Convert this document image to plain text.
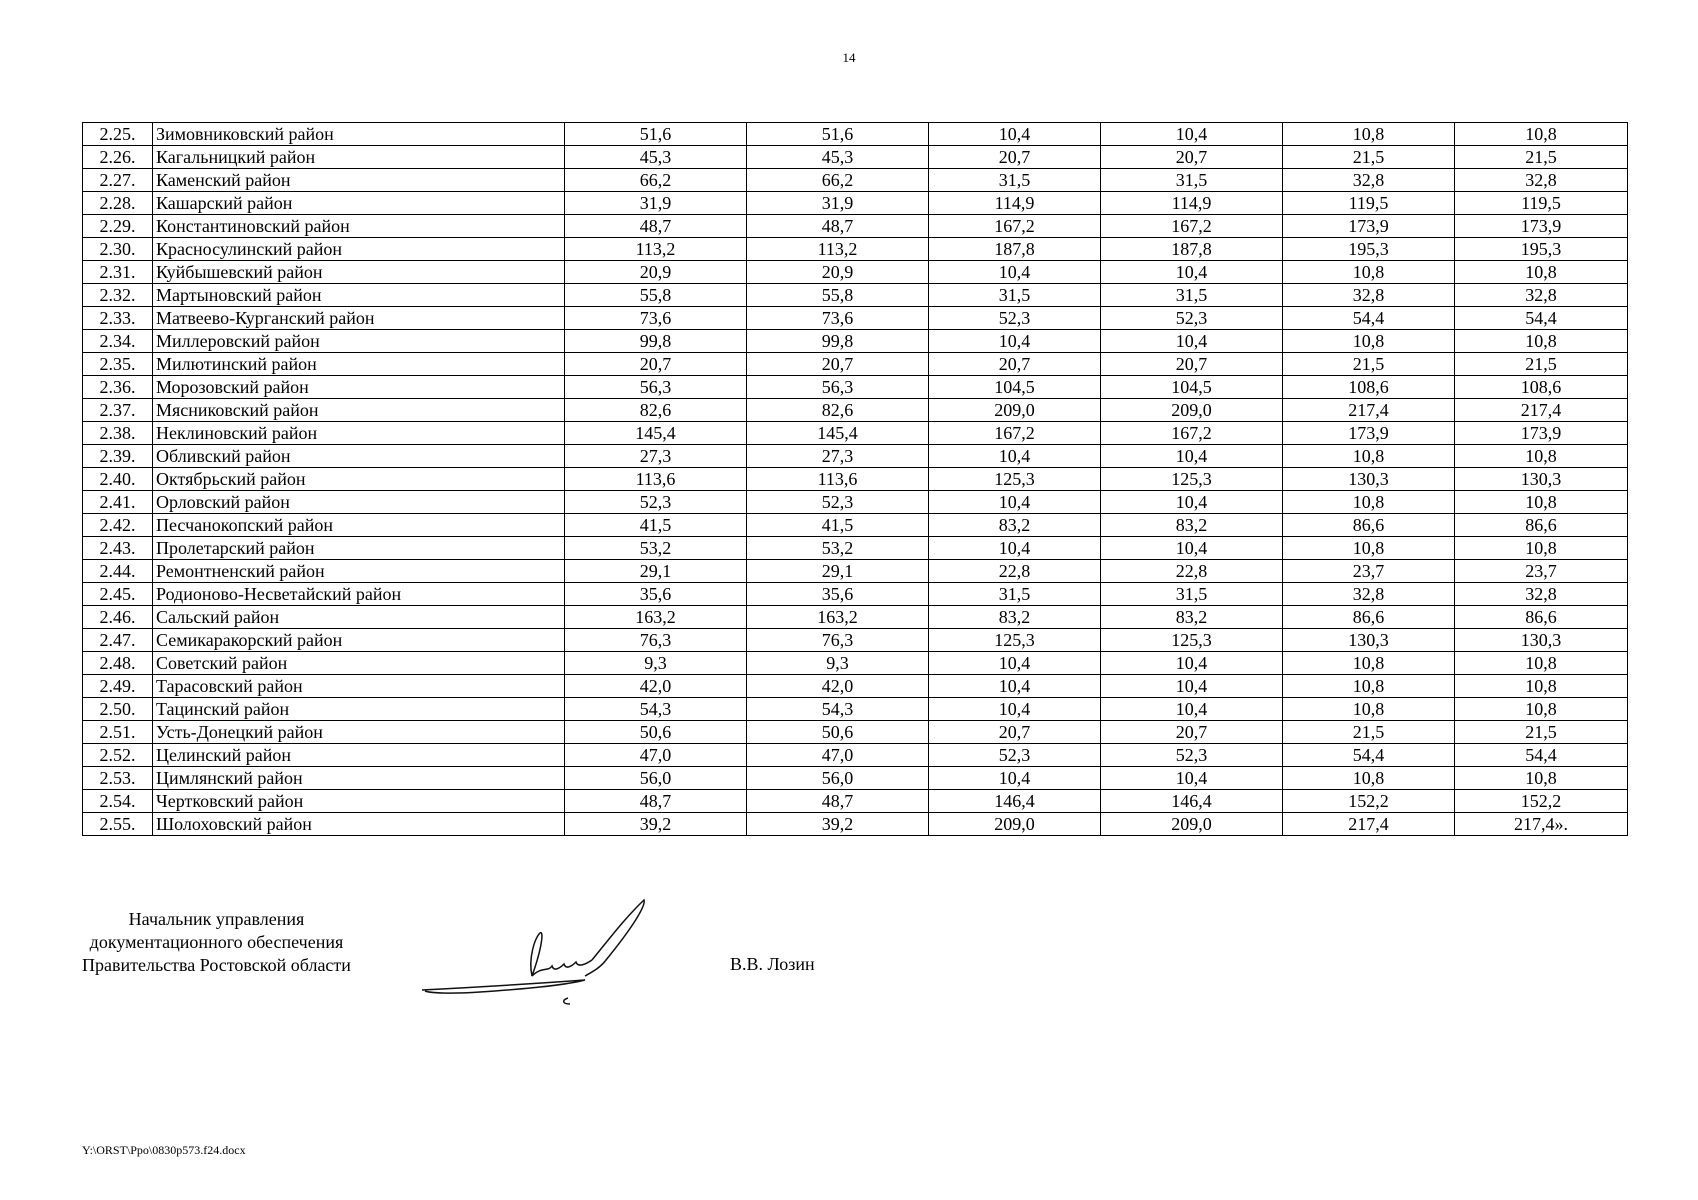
14
2.25.	Зимовниковский район	51,6	51,6	10,4	10,4	10,8	10,8
2.26.	Кагальницкий район	45,3	45,3	20,7	20,7	21,5	21,5
2.27.	Каменский район	66,2	66,2	31,5	31,5	32,8	32,8
2.28.	Кашарский район	31,9	31,9	114,9	114,9	119,5	119,5
2.29.	Константиновский район	48,7	48,7	167,2	167,2	173,9	173,9
2.30.	Красносулинский район	113,2	113,2	187,8	187,8	195,3	195,3
2.31.	Куйбышевский район	20,9	20,9	10,4	10,4	10,8	10,8
2.32.	Мартыновский район	55,8	55,8	31,5	31,5	32,8	32,8
2.33.	Матвеево-Курганский район	73,6	73,6	52,3	52,3	54,4	54,4
2.34.	Миллеровский район	99,8	99,8	10,4	10,4	10,8	10,8
2.35.	Милютинский район	20,7	20,7	20,7	20,7	21,5	21,5
2.36.	Морозовский район	56,3	56,3	104,5	104,5	108,6	108,6
2.37.	Мясниковский район	82,6	82,6	209,0	209,0	217,4	217,4
2.38.	Неклиновский район	145,4	145,4	167,2	167,2	173,9	173,9
2.39.	Обливский район	27,3	27,3	10,4	10,4	10,8	10,8
2.40.	Октябрьский район	113,6	113,6	125,3	125,3	130,3	130,3
2.41.	Орловский район	52,3	52,3	10,4	10,4	10,8	10,8
2.42.	Песчанокопский район	41,5	41,5	83,2	83,2	86,6	86,6
2.43.	Пролетарский район	53,2	53,2	10,4	10,4	10,8	10,8
2.44.	Ремонтненский район	29,1	29,1	22,8	22,8	23,7	23,7
2.45.	Родионово-Несветайский район	35,6	35,6	31,5	31,5	32,8	32,8
2.46.	Сальский район	163,2	163,2	83,2	83,2	86,6	86,6
2.47.	Семикаракорский район	76,3	76,3	125,3	125,3	130,3	130,3
2.48.	Советский район	9,3	9,3	10,4	10,4	10,8	10,8
2.49.	Тарасовский район	42,0	42,0	10,4	10,4	10,8	10,8
2.50.	Тацинский район	54,3	54,3	10,4	10,4	10,8	10,8
2.51.	Усть-Донецкий район	50,6	50,6	20,7	20,7	21,5	21,5
2.52.	Целинский район	47,0	47,0	52,3	52,3	54,4	54,4
2.53.	Цимлянский район	56,0	56,0	10,4	10,4	10,8	10,8
2.54.	Чертковский район	48,7	48,7	146,4	146,4	152,2	152,2
2.55.	Шолоховский район	39,2	39,2	209,0	209,0	217,4	217,4».
Начальник управления
документационного обеспечения
Правительства Ростовской области	В.В. Лозин
Y:\ORST\Ppo\0830p573.f24.docx
